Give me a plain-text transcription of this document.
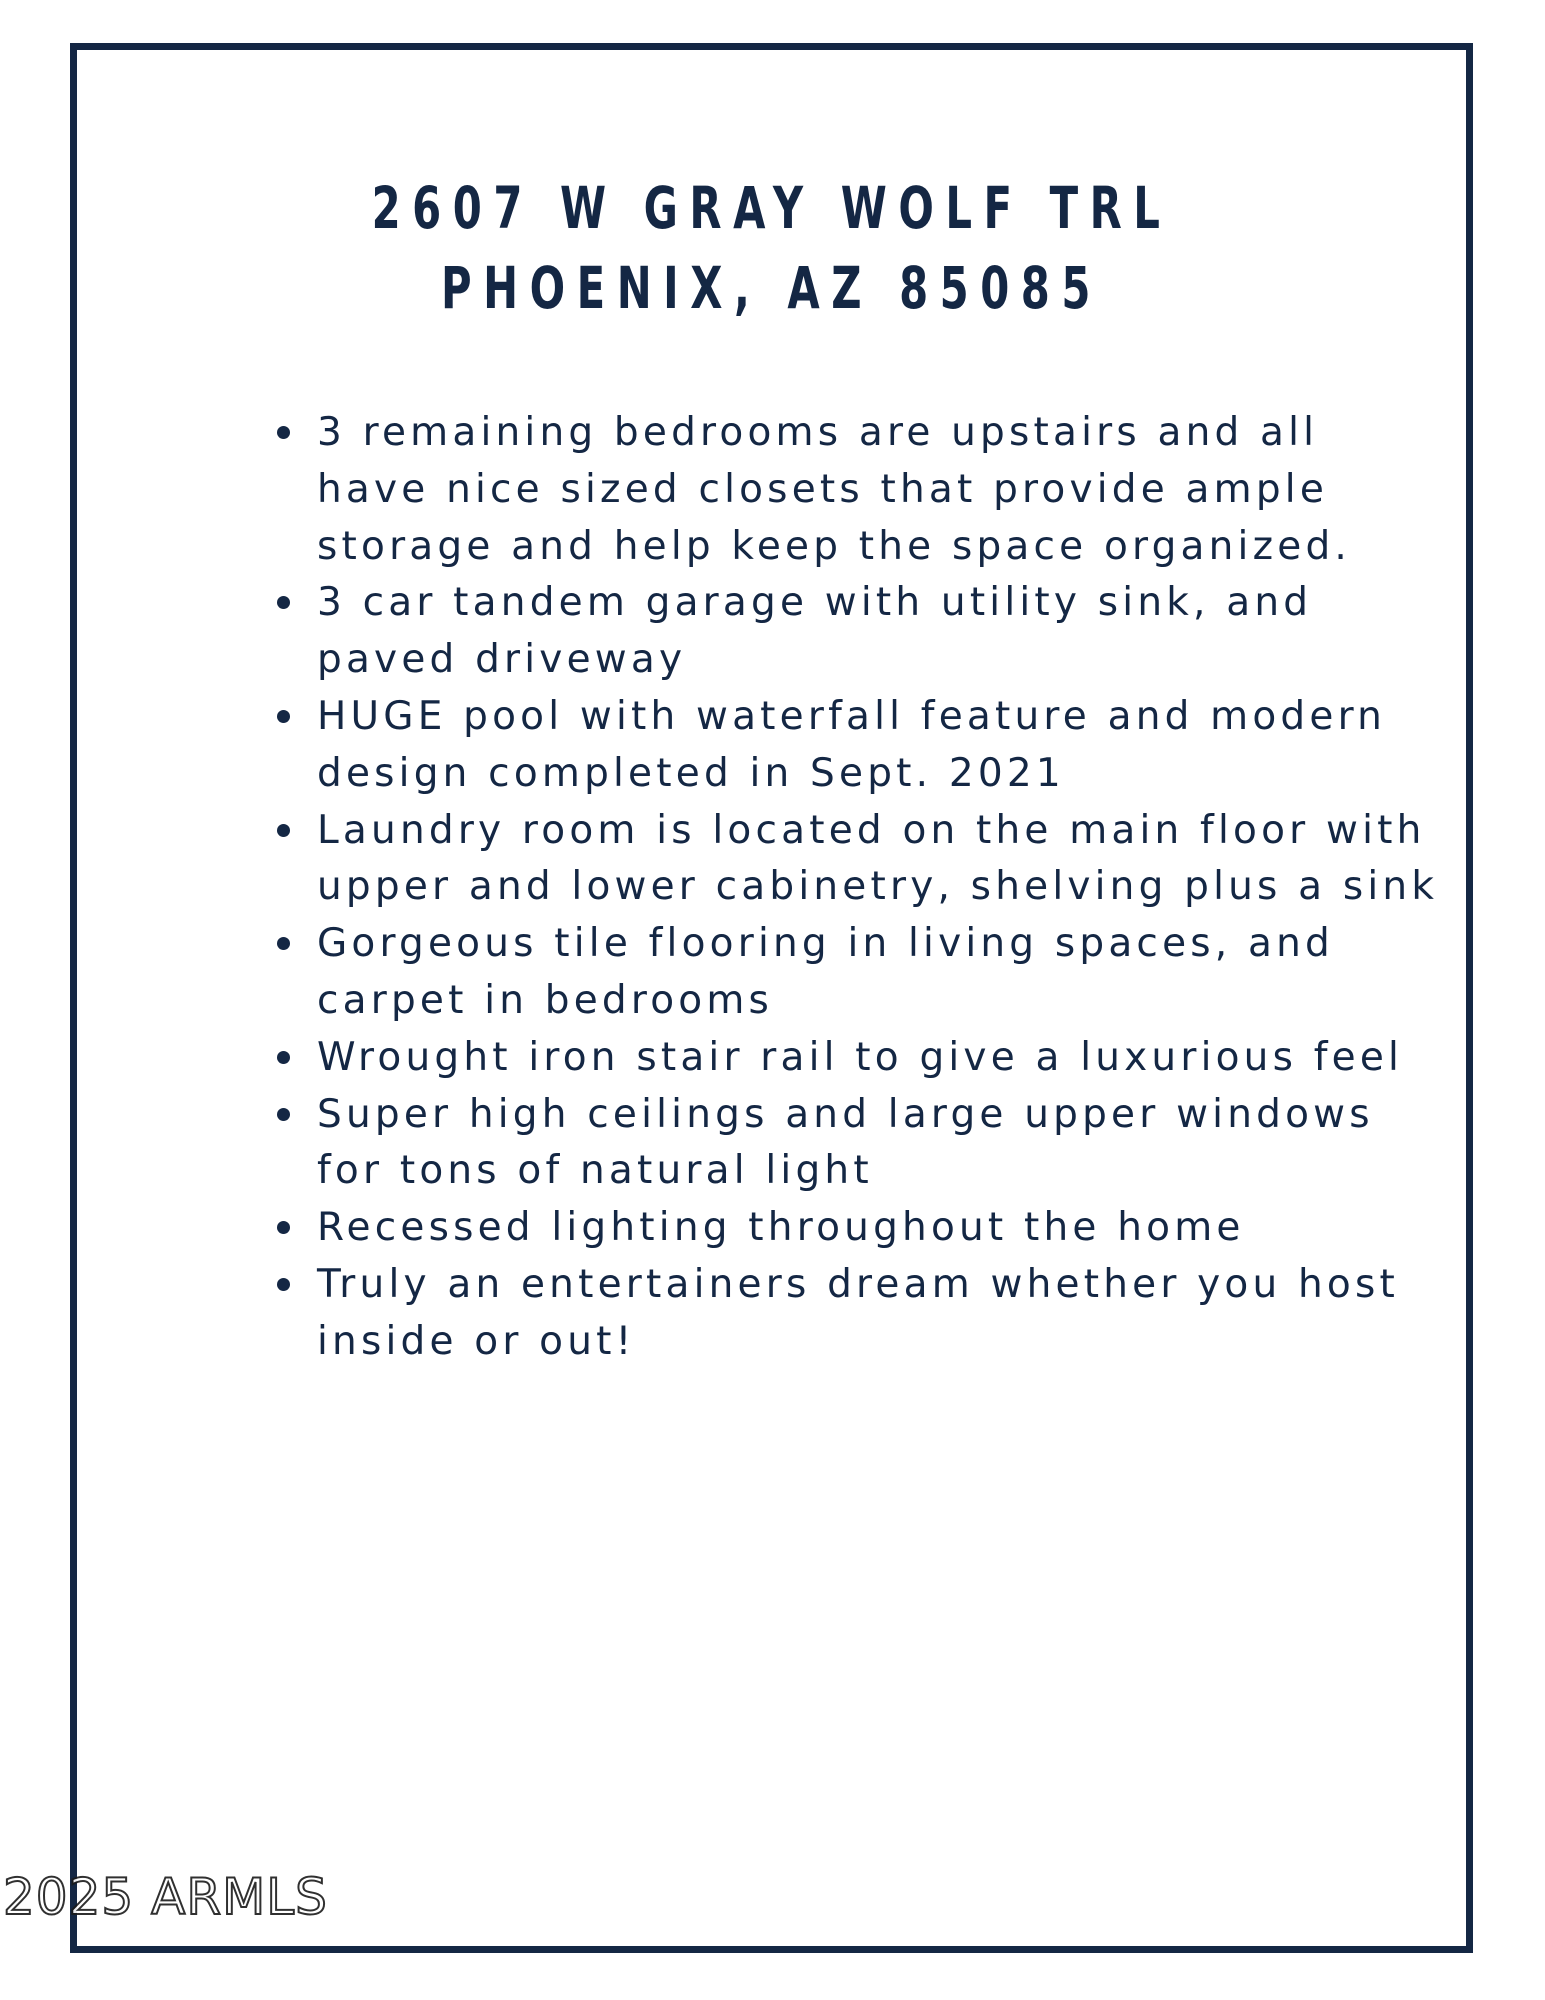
2607 W GRAY WOLF TRL
PHOENIX, AZ 85085
3 remaining bedrooms are upstairs and all have nice sized closets that provide ample storage and help keep the space organized.
3 car tandem garage with utility sink, and paved driveway
HUGE pool with waterfall feature and modern design completed in Sept. 2021
Laundry room is located on the main floor with upper and lower cabinetry, shelving plus a sink
Gorgeous tile flooring in living spaces, and carpet in bedrooms
Wrought iron stair rail to give a luxurious feel
Super high ceilings and large upper windows for tons of natural light
Recessed lighting throughout the home
Truly an entertainers dream whether you host inside or out!
2025 ARMLS
